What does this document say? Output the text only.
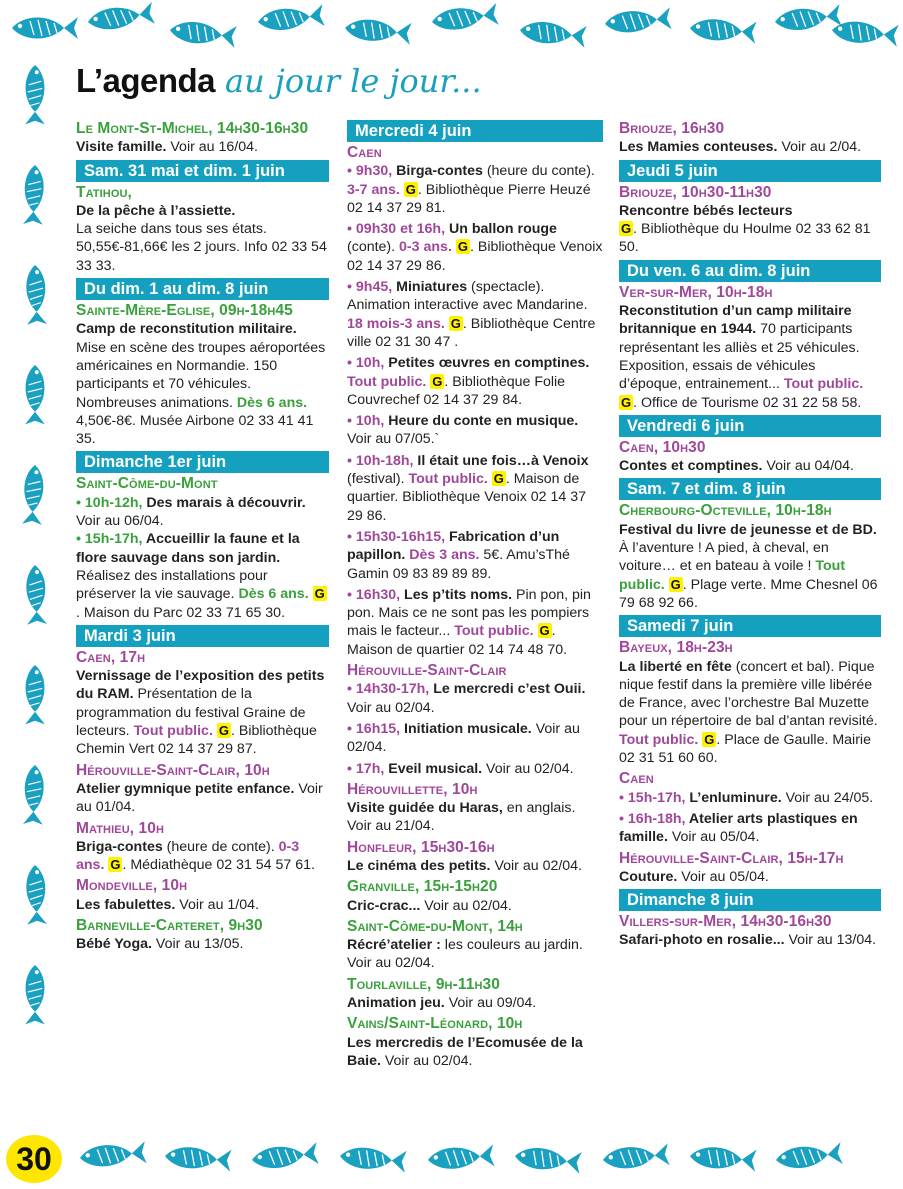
30
L’agenda au jour le jour...
Le Mont-St-Michel, 14h30-16h30
Visite famille. Voir au 16/04.
Sam. 31 mai et dim. 1 juin
Tatihou,
De la pêche à l’assiette.
La seiche dans tous ses états. 50,55€-81,66€ les 2 jours. Info 02 33 54 33 33.
Du dim. 1 au dim. 8 juin
Sainte-Mère-Eglise, 09h-18h45
Camp de reconstitution militaire. Mise en scène des troupes aéroportées américaines en Normandie. 150 participants et 70 véhicules. Nombreuses animations. Dès 6 ans. 4,50€-8€. Musée Airbone 02 33 41 41 35.
Dimanche 1er juin
Saint-Côme-du-Mont
• 10h-12h, Des marais à découvrir. Voir au 06/04.
• 15h-17h, Accueillir la faune et la flore sauvage dans son jardin. Réalisez des installations pour préserver la vie sauvage. Dès 6 ans. G. Maison du Parc 02 33 71 65 30.
Mardi 3 juin
Caen, 17h
Vernissage de l’exposition des petits du RAM. Présentation de la programmation du festival Graine de lecteurs. Tout public. G . Bibliothèque Chemin Vert 02 14 37 29 87.
Hérouville-Saint-Clair, 10h
Atelier gymnique petite enfance. Voir au 01/04.
Mathieu, 10h
Briga-contes (heure de conte). 0-3 ans. G . Médiathèque 02 31 54 57 61.
Mondeville, 10h
Les fabulettes. Voir au 1/04.
Barneville-Carteret, 9h30
Bébé Yoga. Voir au 13/05.
Mercredi 4 juin
Caen
• 9h30, Birga-contes (heure du conte). 3-7 ans. G . Bibliothèque Pierre Heuzé 02 14 37 29 81.
• 09h30 et 16h, Un ballon rouge (conte). 0-3 ans. G . Bibliothèque Venoix 02 14 37 29 86.
• 9h45, Miniatures (spectacle). Animation interactive avec Mandarine. 18 mois-3 ans. G . Bibliothèque Centre ville 02 31 30 47 .
• 10h, Petites œuvres en comptines. Tout public. G . Bibliothèque Folie Couvrechef 02 14 37 29 84.
• 10h, Heure du conte en musique. Voir au 07/05.`
• 10h-18h, Il était une fois…à Venoix (festival). Tout public. G . Maison de quartier. Bibliothèque Venoix 02 14 37 29 86.
• 15h30-16h15, Fabrication d’un papillon. Dès 3 ans. 5€. Amu’sThé Gamin 09 83 89 89 89.
• 16h30, Les p’tits noms. Pin pon, pin pon. Mais ce ne sont pas les pompiers mais le facteur... Tout public. G . Maison de quartier 02 14 74 48 70.
Hérouville-Saint-Clair
• 14h30-17h, Le mercredi c’est Ouii. Voir au 02/04.
• 16h15, Initiation musicale. Voir au 02/04.
• 17h, Eveil musical. Voir au 02/04.
Hérouvillette, 10h
Visite guidée du Haras, en anglais. Voir au 21/04.
Honfleur, 15h30-16h
Le cinéma des petits. Voir au 02/04.
Granville, 15h-15h20
Cric-crac... Voir au 02/04.
Saint-Côme-du-Mont, 14h
Récré’atelier : les couleurs au jardin. Voir au 02/04.
Tourlaville, 9h-11h30
Animation jeu. Voir au 09/04.
Vains/Saint-Léonard, 10h
Les mercredis de l’Ecomusée de la Baie. Voir au 02/04.
Briouze, 16h30
Les Mamies conteuses. Voir au 2/04.
Jeudi 5 juin
Briouze, 10h30-11h30
Rencontre bébés lecteurs
G . Bibliothèque du Houlme 02 33 62 81 50.
Du ven. 6 au dim. 8 juin
Ver-sur-Mer, 10h-18h
Reconstitution d’un camp militaire britannique en 1944. 70 participants représentant les alliès et 25 véhicules. Exposition, essais de véhicules d’époque, entrainement... Tout public. G . Office de Tourisme 02 31 22 58 58.
Vendredi 6 juin
Caen, 10h30
Contes et comptines. Voir au 04/04.
Sam. 7 et dim. 8 juin
Cherbourg-Octeville, 10h-18h
Festival du livre de jeunesse et de BD. À l’aventure ! A pied, à cheval, en voiture… et en bateau à voile ! Tout public. G . Plage verte. Mme Chesnel 06 79 68 92 66.
Samedi 7 juin
Bayeux, 18h-23h
La liberté en fête (concert et bal). Pique nique festif dans la première ville libérée de France, avec l’orchestre Bal Muzette pour un répertoire de bal d’antan revisité. Tout public. G . Place de Gaulle. Mairie 02 31 51 60 60.
Caen
• 15h-17h, L’enluminure. Voir au 24/05.
• 16h-18h, Atelier arts plastiques en famille. Voir au 05/04.
Hérouville-Saint-Clair, 15h-17h
Couture. Voir au 05/04.
Dimanche 8 juin
Villers-sur-Mer, 14h30-16h30
Safari-photo en rosalie... Voir au 13/04.
